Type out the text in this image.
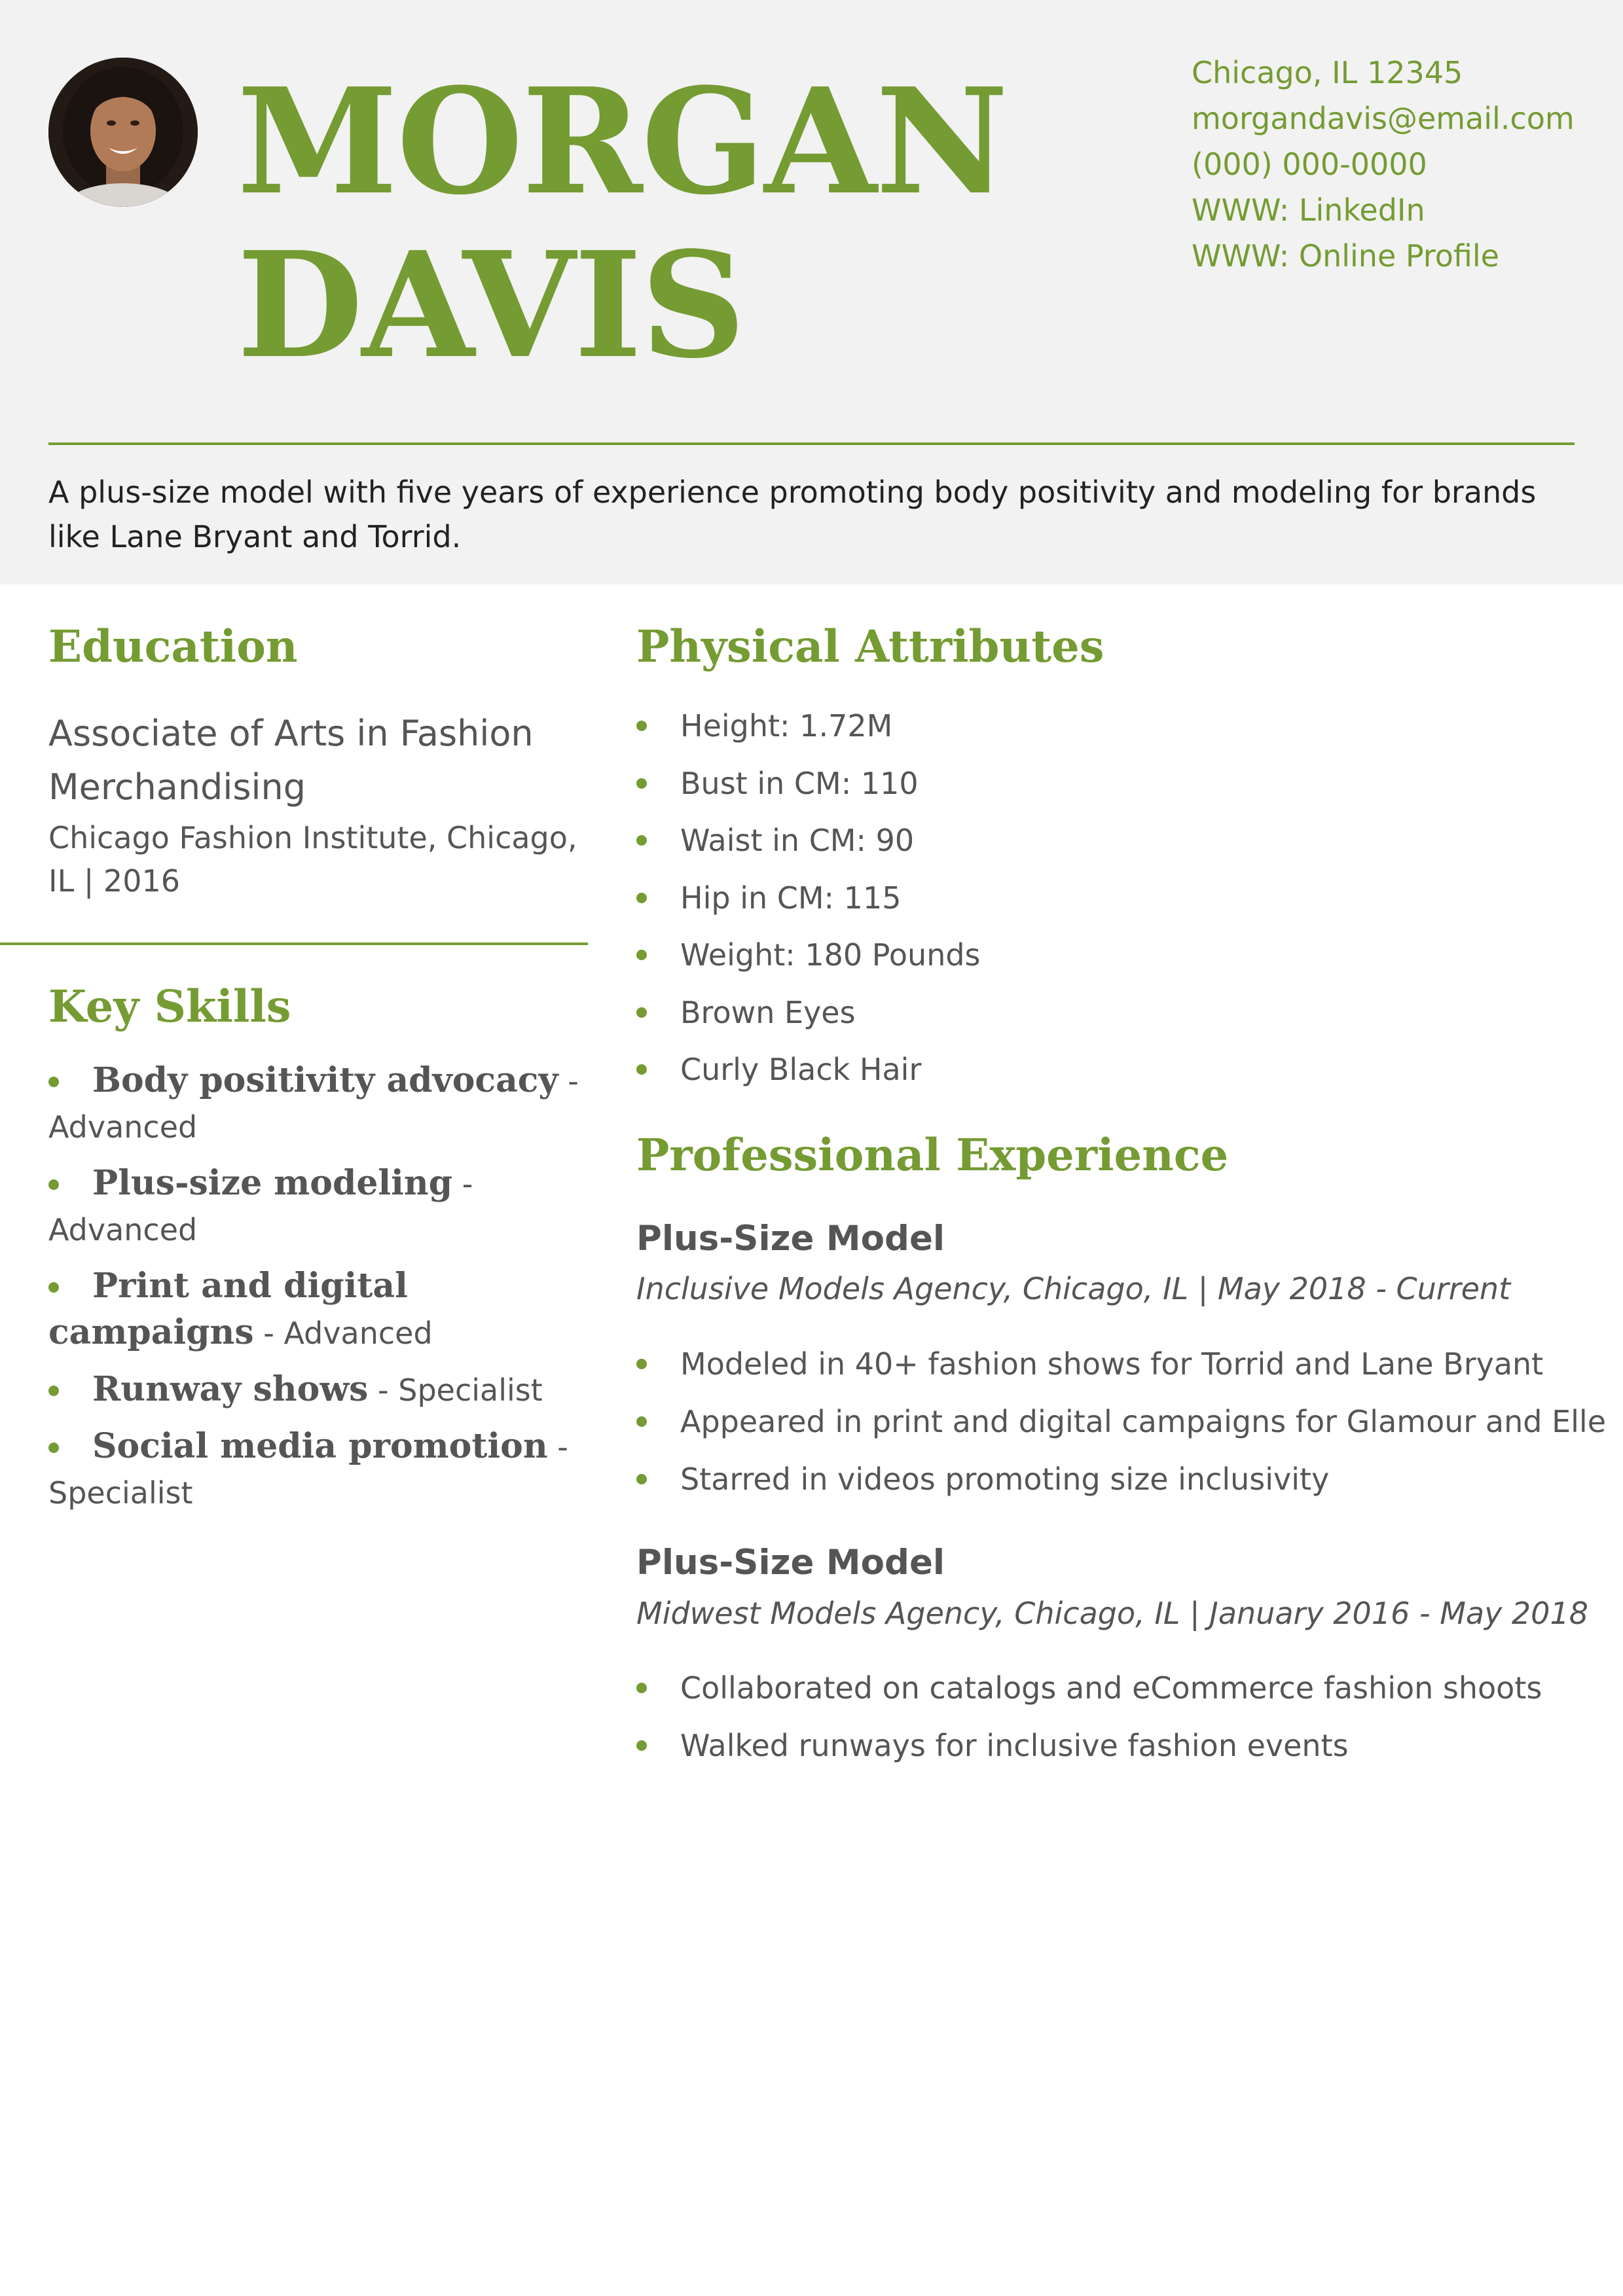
MORGAN
DAVIS
Chicago, IL 12345
morgandavis@email.com
(000) 000-0000
WWW: LinkedIn
WWW: Online Profile
A plus-size model with five years of experience promoting body positivity and modeling for brands like Lane Bryant and Torrid.
Education
Associate of Arts in Fashion Merchandising
Chicago Fashion Institute, Chicago, IL | 2016
Key Skills
Body positivity advocacy - Advanced
Plus-size modeling - Advanced
Print and digital campaigns - Advanced
Runway shows - Specialist
Social media promotion - Specialist
Physical Attributes
Height: 1.72M
Bust in CM: 110
Waist in CM: 90
Hip in CM: 115
Weight: 180 Pounds
Brown Eyes
Curly Black Hair
Professional Experience
Plus-Size Model
Inclusive Models Agency, Chicago, IL | May 2018 - Current
Modeled in 40+ fashion shows for Torrid and Lane Bryant
Appeared in print and digital campaigns for Glamour and Elle
Starred in videos promoting size inclusivity
Plus-Size Model
Midwest Models Agency, Chicago, IL | January 2016 - May 2018
Collaborated on catalogs and eCommerce fashion shoots
Walked runways for inclusive fashion events
